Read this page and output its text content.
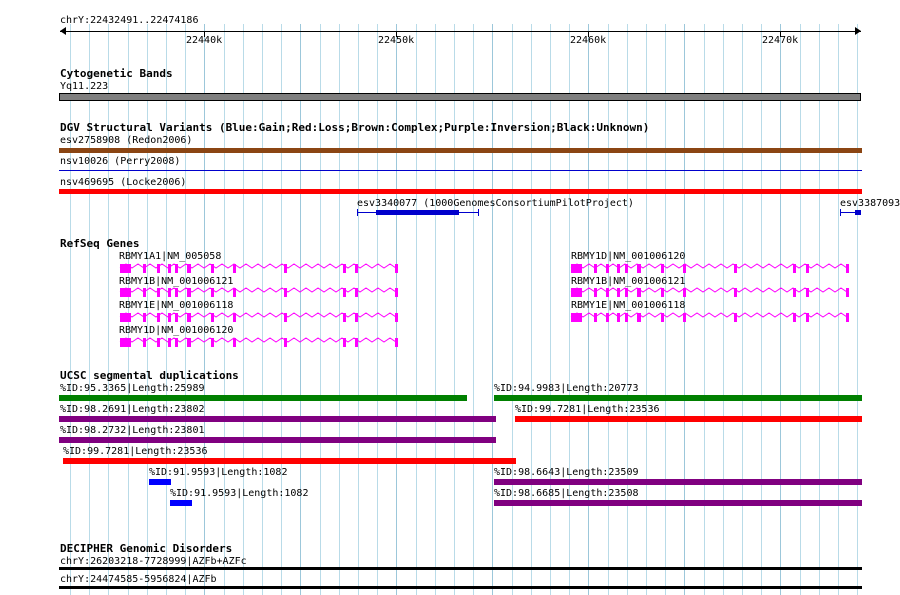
chrY:22432491..22474186
22440k	22450k	22460k	22470k
Cytogenetic Bands
Yq11.223
DGV Structural Variants (Blue:Gain;Red:Loss;Brown:Complex;Purple:Inversion;Black:Unknown)
esv2758908 (Redon2006)
nsv10026 (Perry2008)
nsv469695 (Locke2006)
esv3340077 (1000GenomesConsortiumPilotProject)	esv3387093
RefSeq Genes
RBMY1A1|NM_005058
RBMY1B|NM_001006121
RBMY1E|NM_001006118
RBMY1D|NM_001006120
RBMY1D|NM_001006120
RBMY1B|NM_001006121
RBMY1E|NM_001006118
UCSC segmental duplications
%ID:95.3365|Length:25989	%ID:94.9983|Length:20773
%ID:98.2691|Length:23802	%ID:99.7281|Length:23536
%ID:98.2732|Length:23801
%ID:99.7281|Length:23536
%ID:91.9593|Length:1082	%ID:98.6643|Length:23509
%ID:91.9593|Length:1082	%ID:98.6685|Length:23508
DECIPHER Genomic Disorders
chrY:26203218-7728999|AZFb+AZFc
chrY:24474585-5956824|AZFb
